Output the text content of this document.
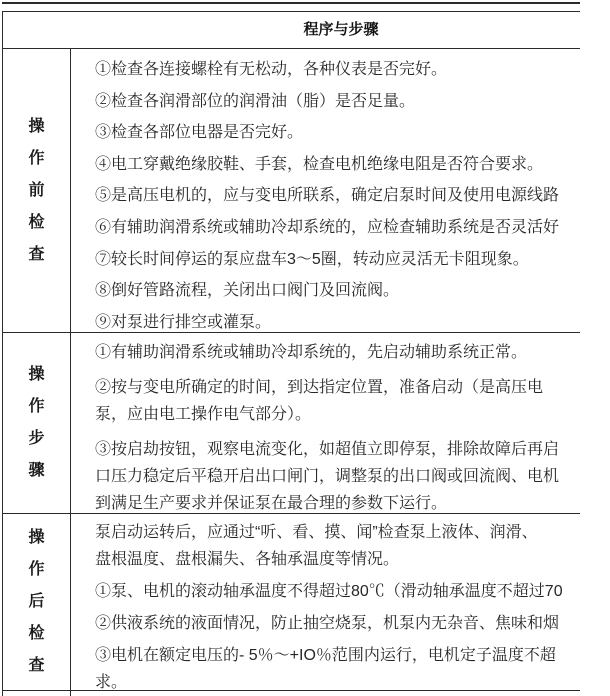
程序与步骤
操作前检查
①检查各连接螺栓有无松动，各种仪表是否完好。
②检查各润滑部位的润滑油（脂）是否足量。
③检查各部位电器是否完好。
④电工穿戴绝缘胶鞋、手套，检查电机绝缘电阻是否符合要求。
⑤是高压电机的，应与变电所联系，确定启泵时间及使用电源线路
⑥有辅助润滑系统或辅助冷却系统的，应检查辅助系统是否灵活好
⑦较长时间停运的泵应盘车3～5圈，转动应灵活无卡阻现象。
⑧倒好管路流程，关闭出口阀门及回流阀。
⑨对泵进行排空或灌泵。
操作步骤
①有辅助润滑系统或辅助冷却系统的，先启动辅助系统正常。
②按与变电所确定的时间，到达指定位置，准备启动（是高压电
泵，应由电工操作电气部分）。
③按启劫按钮，观察电流变化，如超值立即停泵，排除故障后再启
口压力稳定后平稳开启出口闸门，调整泵的出口阀或回流阀、电机
到满足生产要求并保证泵在最合理的参数下运行。
操作后检查
泵启动运转后，应通过“听、看、摸、闻”检查泵上液体、润滑、
盘根温度、盘根漏失、各轴承温度等情况。
①泵、电机的滚动轴承温度不得超过80℃（滑动轴承温度不超过70
②供液系统的液面情况，防止抽空烧泵，机泵内无杂音、焦味和烟
③电机在额定电压的- 5％～+IO％范围内运行，电机定子温度不超
求。
